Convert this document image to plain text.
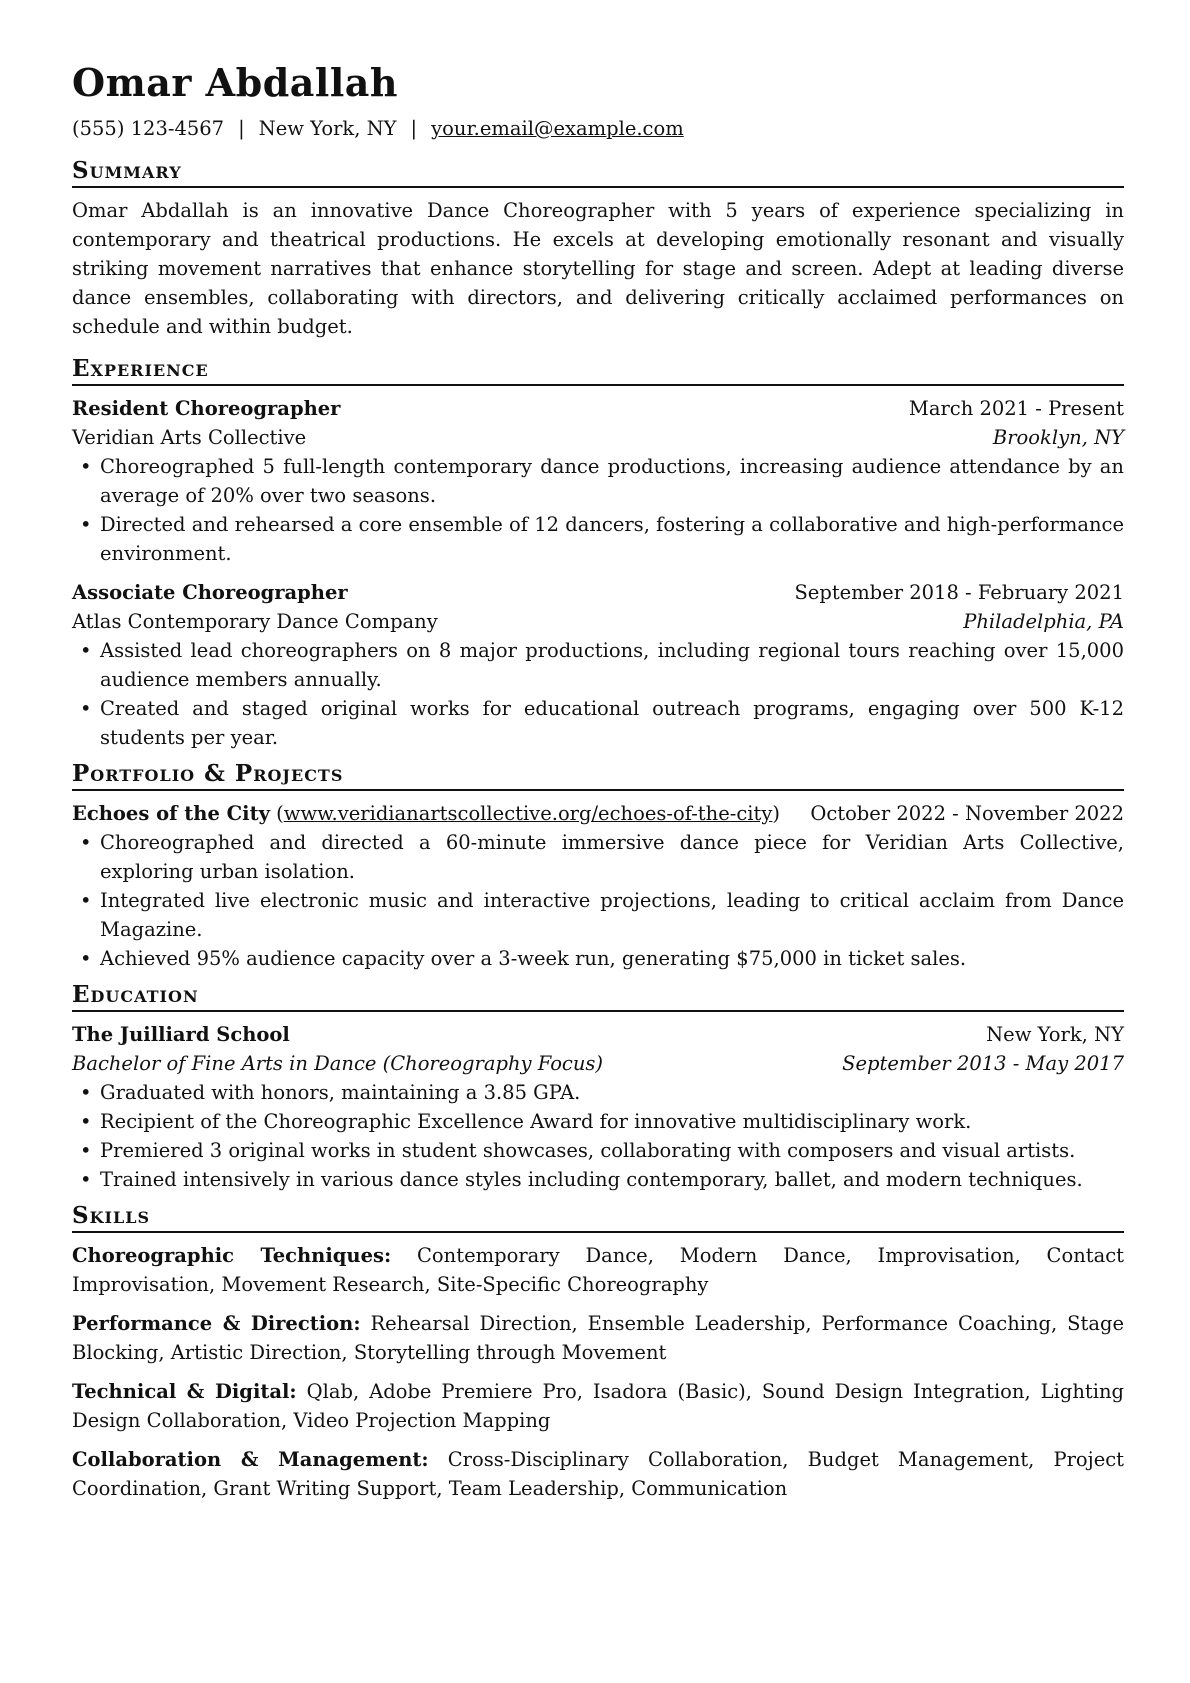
Omar Abdallah
(555) 123-4567 | New York, NY | your.email@example.com
Summary
Omar Abdallah is an innovative Dance Choreographer with 5 years of experience specializing in contemporary and theatrical productions. He excels at developing emotionally resonant and visually striking movement narratives that enhance storytelling for stage and screen. Adept at leading diverse dance ensembles, collaborating with directors, and delivering critically acclaimed performances on schedule and within budget.
Experience
Resident Choreographer	March 2021 - Present
Veridian Arts Collective	Brooklyn, NY
• Choreographed 5 full-length contemporary dance productions, increasing audience attendance by an average of 20% over two seasons.
• Directed and rehearsed a core ensemble of 12 dancers, fostering a collaborative and high-performance environment.
Associate Choreographer	September 2018 - February 2021
Atlas Contemporary Dance Company	Philadelphia, PA
• Assisted lead choreographers on 8 major productions, including regional tours reaching over 15,000 audience members annually.
• Created and staged original works for educational outreach programs, engaging over 500 K-12 students per year.
Portfolio & Projects
Echoes of the City (www.veridianartscollective.org/echoes-of-the-city) October 2022 - November 2022
• Choreographed and directed a 60-minute immersive dance piece for Veridian Arts Collective, exploring urban isolation.
• Integrated live electronic music and interactive projections, leading to critical acclaim from Dance Magazine.
• Achieved 95% audience capacity over a 3-week run, generating $75,000 in ticket sales.
Education
The Juilliard School	New York, NY
Bachelor of Fine Arts in Dance (Choreography Focus)	September 2013 - May 2017
• Graduated with honors, maintaining a 3.85 GPA.
• Recipient of the Choreographic Excellence Award for innovative multidisciplinary work.
• Premiered 3 original works in student showcases, collaborating with composers and visual artists.
• Trained intensively in various dance styles including contemporary, ballet, and modern techniques.
Skills
Choreographic Techniques: Contemporary Dance, Modern Dance, Improvisation, Contact Improvisation, Movement Research, Site-Specific Choreography
Performance & Direction: Rehearsal Direction, Ensemble Leadership, Performance Coaching, Stage Blocking, Artistic Direction, Storytelling through Movement
Technical & Digital: Qlab, Adobe Premiere Pro, Isadora (Basic), Sound Design Integration, Lighting Design Collaboration, Video Projection Mapping
Collaboration & Management: Cross-Disciplinary Collaboration, Budget Management, Project Coordination, Grant Writing Support, Team Leadership, Communication
